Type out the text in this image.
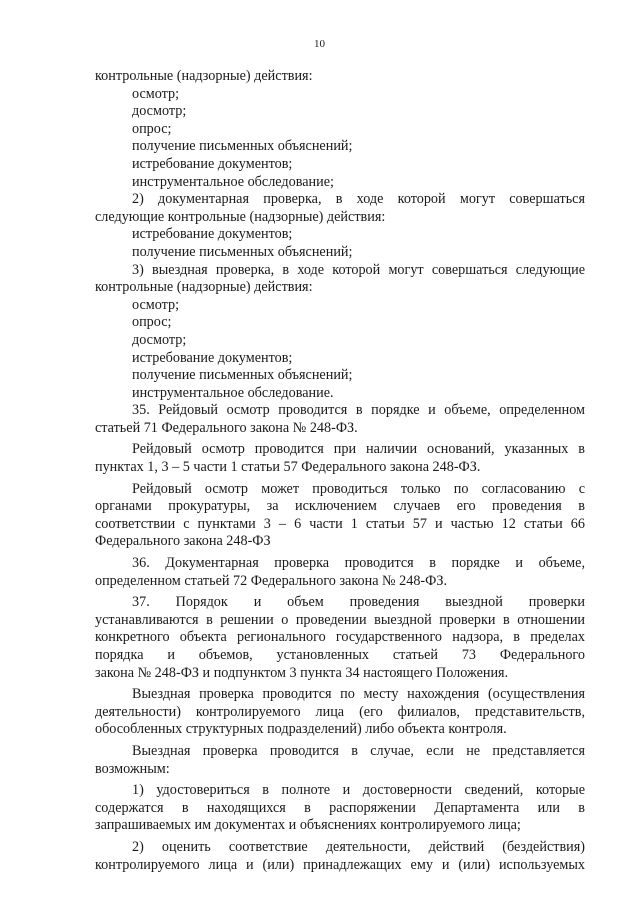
10
контрольные (надзорные) действия:
осмотр;
досмотр;
опрос;
получение письменных объяснений;
истребование документов;
инструментальное обследование;
2) документарная проверка, в ходе которой могут совершаться
следующие контрольные (надзорные) действия:
истребование документов;
получение письменных объяснений;
3) выездная проверка, в ходе которой могут совершаться следующие
контрольные (надзорные) действия:
осмотр;
опрос;
досмотр;
истребование документов;
получение письменных объяснений;
инструментальное обследование.
35. Рейдовый осмотр проводится в порядке и объеме, определенном
статьей 71 Федерального закона № 248-ФЗ.
Рейдовый осмотр проводится при наличии оснований, указанных в
пунктах 1, 3 – 5 части 1 статьи 57 Федерального закона 248-ФЗ.
Рейдовый осмотр может проводиться только по согласованию с
органами прокуратуры, за исключением случаев его проведения в
соответствии с пунктами 3 – 6 части 1 статьи 57 и частью 12 статьи 66
Федерального закона 248-ФЗ
36. Документарная проверка проводится в порядке и объеме,
определенном статьей 72 Федерального закона № 248-ФЗ.
37. Порядок и объем проведения выездной проверки
устанавливаются в решении о проведении выездной проверки в отношении
конкретного объекта регионального государственного надзора, в пределах
порядка и объемов, установленных статьей 73 Федерального
закона № 248-ФЗ и подпунктом 3 пункта 34 настоящего Положения.
Выездная проверка проводится по месту нахождения (осуществления
деятельности) контролируемого лица (его филиалов, представительств,
обособленных структурных подразделений) либо объекта контроля.
Выездная проверка проводится в случае, если не представляется
возможным:
1) удостовериться в полноте и достоверности сведений, которые
содержатся в находящихся в распоряжении Департамента или в
запрашиваемых им документах и объяснениях контролируемого лица;
2) оценить соответствие деятельности, действий (бездействия)
контролируемого лица и (или) принадлежащих ему и (или) используемых
